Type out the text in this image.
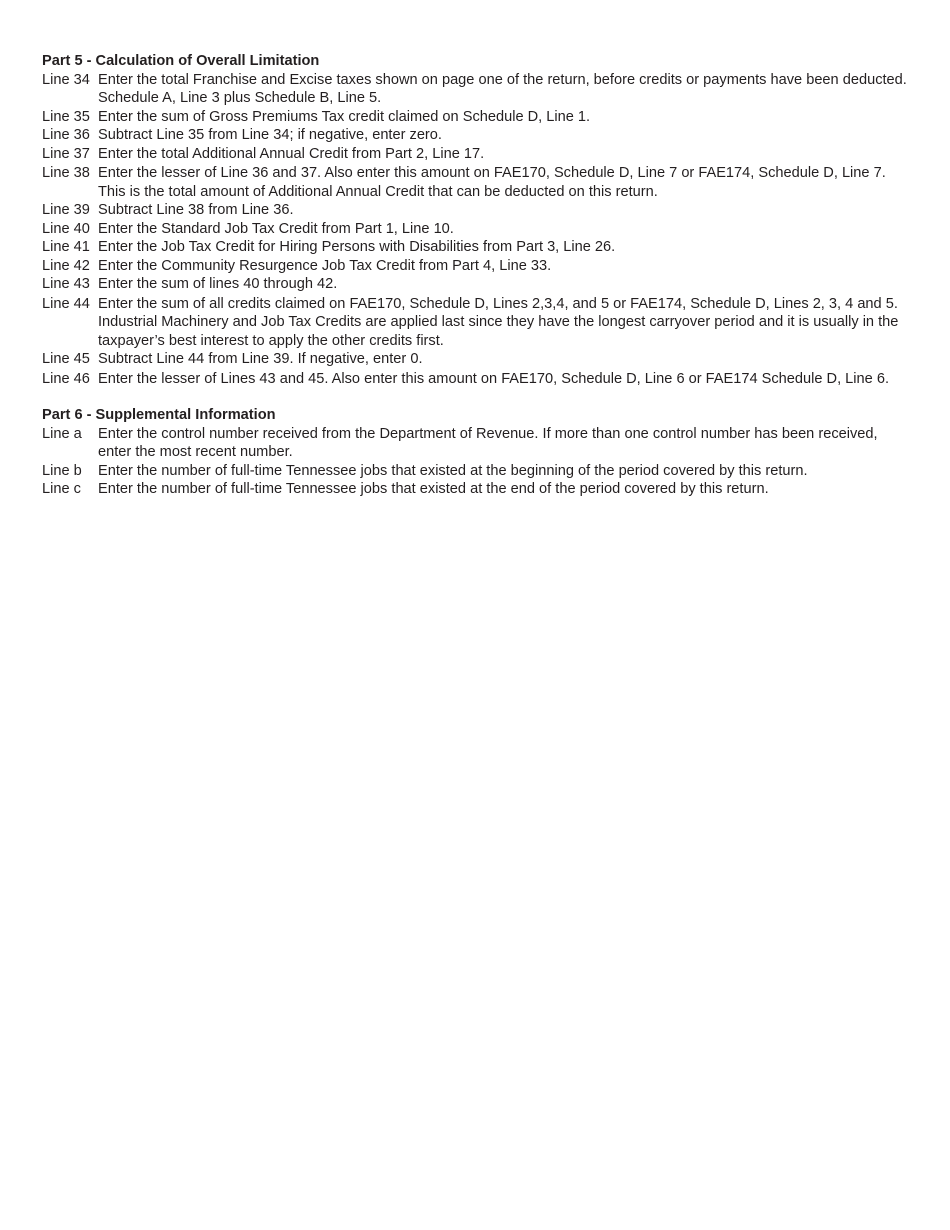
Part 5 - Calculation of Overall Limitation

Line 34 Enter the total Franchise and Excise taxes shown on page one of the return, before credits or payments have been deducted. Schedule A, Line 3 plus Schedule B, Line 5.
Line 35 Enter the sum of Gross Premiums Tax credit claimed on Schedule D, Line 1.
Line 36 Subtract Line 35 from Line 34; if negative, enter zero.
Line 37 Enter the total Additional Annual Credit from Part 2, Line 17.
Line 38 Enter the lesser of Line 36 and 37. Also enter this amount on FAE170, Schedule D, Line 7 or FAE174, Schedule D, Line 7. This is the total amount of Additional Annual Credit that can be deducted on this return.
Line 39 Subtract Line 38 from Line 36.
Line 40 Enter the Standard Job Tax Credit from Part 1, Line 10.
Line 41 Enter the Job Tax Credit for Hiring Persons with Disabilities from Part 3, Line 26.
Line 42 Enter the Community Resurgence Job Tax Credit from Part 4, Line 33.
Line 43 Enter the sum of lines 40 through 42.
Line 44 Enter the sum of all credits claimed on FAE170, Schedule D, Lines 2,3,4, and 5 or FAE174, Schedule D, Lines 2, 3, 4 and 5. Industrial Machinery and Job Tax Credits are applied last since they have the longest carryover period and it is usually in the taxpayer’s best interest to apply the other credits first.
Line 45 Subtract Line 44 from Line 39. If negative, enter 0.
Line 46 Enter the lesser of Lines 43 and 45. Also enter this amount on FAE170, Schedule D, Line 6 or FAE174 Schedule D, Line 6.

Part 6 - Supplemental Information

Line a	Enter the control number received from the Department of Revenue. If more than one control number has been received, enter the most recent number.
Line b	Enter the number of full-time Tennessee jobs that existed at the beginning of the period covered by this return.
Line c	Enter the number of full-time Tennessee jobs that existed at the end of the period covered by this return.
